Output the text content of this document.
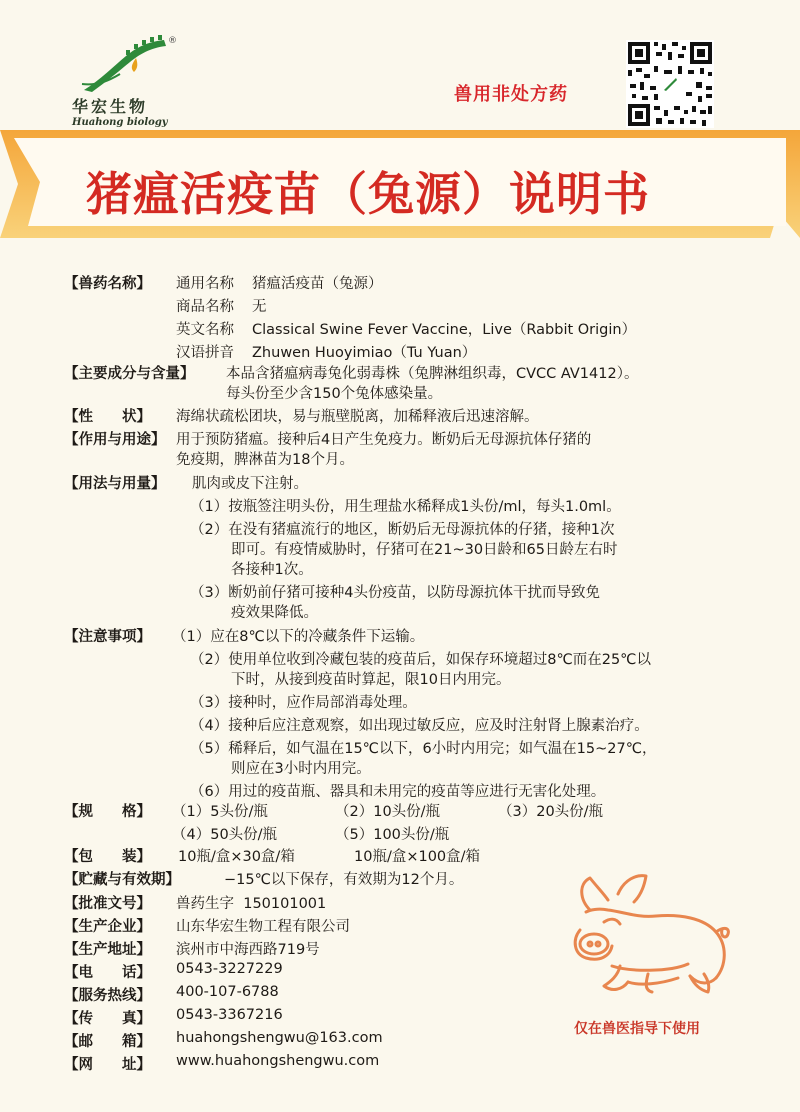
®
华宏生物
Huahong biology
兽用非处方药
猪瘟活疫苗（兔源）说明书
【兽药名称】 通用名称 猪瘟活疫苗（兔源）
商品名称 无
英文名称 Classical Swine Fever Vaccine，Live（Rabbit Origin）
汉语拼音 Zhuwen Huoyimiao（Tu Yuan）
【主要成分与含量】 本品含猪瘟病毒兔化弱毒株（兔脾淋组织毒，CVCC AV1412）。
每头份至少含150个兔体感染量。
【性　　状】 海绵状疏松团块，易与瓶壁脱离，加稀释液后迅速溶解。
【作用与用途】 用于预防猪瘟。接种后4日产生免疫力。断奶后无母源抗体仔猪的
免疫期，脾淋苗为18个月。
【用法与用量】 肌肉或皮下注射。
（1）按瓶签注明头份，用生理盐水稀释成1头份/ml，每头1.0ml。
（2）在没有猪瘟流行的地区，断奶后无母源抗体的仔猪，接种1次
即可。有疫情威胁时，仔猪可在21~30日龄和65日龄左右时
各接种1次。
（3）断奶前仔猪可接种4头份疫苗，以防母源抗体干扰而导致免
疫效果降低。
【注意事项】 （1）应在8℃以下的冷藏条件下运输。
（2）使用单位收到冷藏包装的疫苗后，如保存环境超过8℃而在25℃以
下时，从接到疫苗时算起，限10日内用完。
（3）接种时，应作局部消毒处理。
（4）接种后应注意观察，如出现过敏反应，应及时注射肾上腺素治疗。
（5）稀释后，如气温在15℃以下，6小时内用完；如气温在15~27℃，
则应在3小时内用完。
（6）用过的疫苗瓶、器具和未用完的疫苗等应进行无害化处理。
【规　　格】 （1）5头份/瓶	（2）10头份/瓶	（3）20头份/瓶
（4）50头份/瓶	（5）100头份/瓶
【包　　装】 10瓶/盒×30盒/箱	10瓶/盒×100盒/箱
【贮藏与有效期】	−15℃以下保存，有效期为12个月。
【批准文号】 兽药生字  150101001
【生产企业】 山东华宏生物工程有限公司
【生产地址】 滨州市中海西路719号
【电　　话】 0543-3227229
【服务热线】 400-107-6788
【传　　真】 0543-3367216
【邮　　箱】 huahongshengwu@163.com
【网　　址】 www.huahongshengwu.com
仅在兽医指导下使用
